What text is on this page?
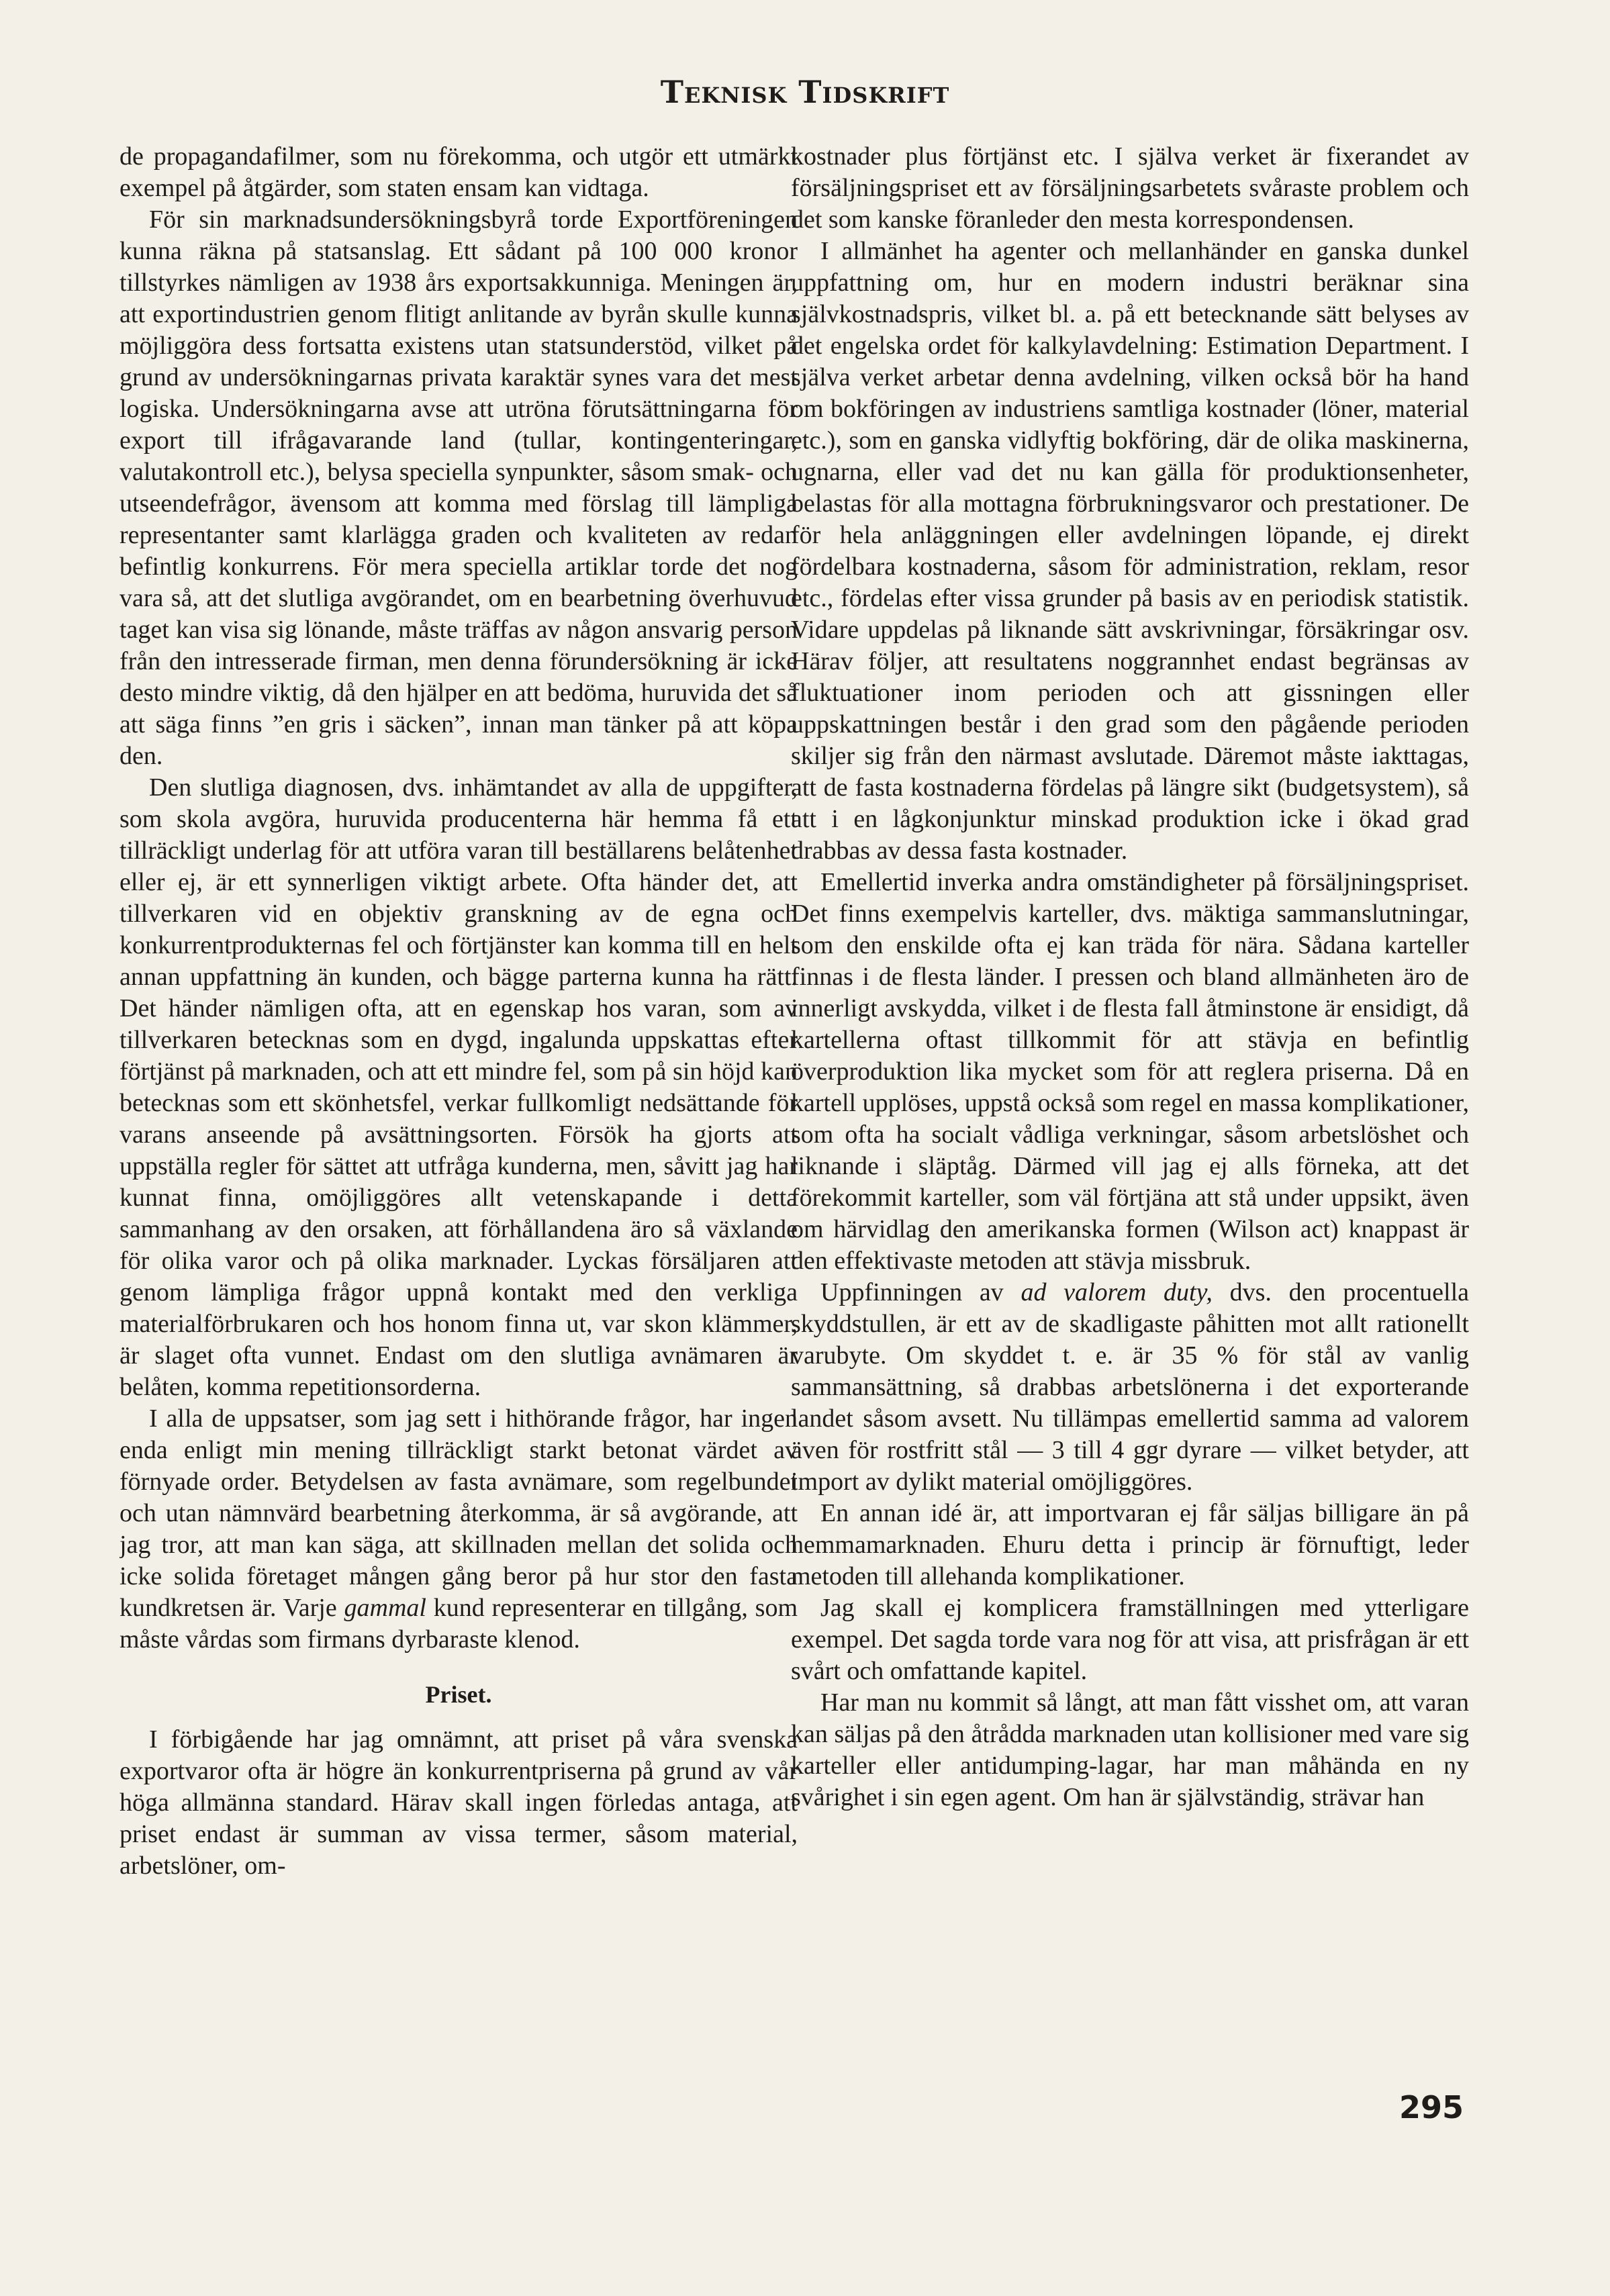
Teknisk Tidskrift

de propagandafilmer, som nu förekomma, och utgör ett utmärkt exempel på åtgärder, som staten ensam kan vidtaga.

För sin marknadsundersökningsbyrå torde Exportföreningen kunna räkna på statsanslag. Ett sådant på 100 000 kronor tillstyrkes nämligen av 1938 års exportsakkunniga. Meningen är, att exportindustrien genom flitigt anlitande av byrån skulle kunna möjliggöra dess fortsatta existens utan statsunderstöd, vilket på grund av undersökningarnas privata karaktär synes vara det mest logiska. Undersökningarna avse att utröna förutsättningarna för export till ifrågavarande land (tullar, kontingenteringar, valutakontroll etc.), belysa speciella synpunkter, såsom smak- och utseendefrågor, ävensom att komma med förslag till lämpliga representanter samt klarlägga graden och kvaliteten av redan befintlig konkurrens. För mera speciella artiklar torde det nog vara så, att det slutliga avgörandet, om en bearbetning överhuvud taget kan visa sig lönande, måste träffas av någon ansvarig person från den intresserade firman, men denna förundersökning är icke desto mindre viktig, då den hjälper en att bedöma, huruvida det så att säga finns ”en gris i säcken”, innan man tänker på att köpa den.

Den slutliga diagnosen, dvs. inhämtandet av alla de uppgifter, som skola avgöra, huruvida producenterna här hemma få ett tillräckligt underlag för att utföra varan till beställarens belåtenhet eller ej, är ett synnerligen viktigt arbete. Ofta händer det, att tillverkaren vid en objektiv granskning av de egna och konkurrentprodukternas fel och förtjänster kan komma till en helt annan uppfattning än kunden, och bägge parterna kunna ha rätt. Det händer nämligen ofta, att en egenskap hos varan, som av tillverkaren betecknas som en dygd, ingalunda uppskattas efter förtjänst på marknaden, och att ett mindre fel, som på sin höjd kan betecknas som ett skönhetsfel, verkar fullkomligt nedsättande för varans anseende på avsättningsorten. Försök ha gjorts att uppställa regler för sättet att utfråga kunderna, men, såvitt jag har kunnat finna, omöjliggöres allt vetenskapande i detta sammanhang av den orsaken, att förhållandena äro så växlande för olika varor och på olika marknader. Lyckas försäljaren att genom lämpliga frågor uppnå kontakt med den verkliga materialförbrukaren och hos honom finna ut, var skon klämmer, är slaget ofta vunnet. Endast om den slutliga avnämaren är belåten, komma repetitionsorderna.

I alla de uppsatser, som jag sett i hithörande frågor, har ingen enda enligt min mening tillräckligt starkt betonat värdet av förnyade order. Betydelsen av fasta avnämare, som regelbundet och utan nämnvärd bearbetning återkomma, är så avgörande, att jag tror, att man kan säga, att skillnaden mellan det solida och icke solida företaget mången gång beror på hur stor den fasta kundkretsen är. Varje gammal kund representerar en tillgång, som måste vårdas som firmans dyrbaraste klenod.

Priset.

I förbigående har jag omnämnt, att priset på våra svenska exportvaror ofta är högre än konkurrentpriserna på grund av vår höga allmänna standard. Härav skall ingen förledas antaga, att priset endast är summan av vissa termer, såsom material, arbetslöner, om-

kostnader plus förtjänst etc. I själva verket är fixerandet av försäljningspriset ett av försäljningsarbetets svåraste problem och det som kanske föranleder den mesta korrespondensen.

I allmänhet ha agenter och mellanhänder en ganska dunkel uppfattning om, hur en modern industri beräknar sina självkostnadspris, vilket bl. a. på ett betecknande sätt belyses av det engelska ordet för kalkylavdelning: Estimation Department. I själva verket arbetar denna avdelning, vilken också bör ha hand om bokföringen av industriens samtliga kostnader (löner, material etc.), som en ganska vidlyftig bokföring, där de olika maskinerna, ugnarna, eller vad det nu kan gälla för produktionsenheter, belastas för alla mottagna förbrukningsvaror och prestationer. De för hela anläggningen eller avdelningen löpande, ej direkt fördelbara kostnaderna, såsom för administration, reklam, resor etc., fördelas efter vissa grunder på basis av en periodisk statistik. Vidare uppdelas på liknande sätt avskrivningar, försäkringar osv. Härav följer, att resultatens noggrannhet endast begränsas av fluktuationer inom perioden och att gissningen eller uppskattningen består i den grad som den pågående perioden skiljer sig från den närmast avslutade. Däremot måste iakttagas, att de fasta kostnaderna fördelas på längre sikt (budgetsystem), så att i en lågkonjunktur minskad produktion icke i ökad grad drabbas av dessa fasta kostnader.

Emellertid inverka andra omständigheter på försäljningspriset. Det finns exempelvis karteller, dvs. mäktiga sammanslutningar, som den enskilde ofta ej kan träda för nära. Sådana karteller finnas i de flesta länder. I pressen och bland allmänheten äro de innerligt avskydda, vilket i de flesta fall åtminstone är ensidigt, då kartellerna oftast tillkommit för att stävja en befintlig överproduktion lika mycket som för att reglera priserna. Då en kartell upplöses, uppstå också som regel en massa komplikationer, som ofta ha socialt vådliga verkningar, såsom arbetslöshet och liknande i släptåg. Därmed vill jag ej alls förneka, att det förekommit karteller, som väl förtjäna att stå under uppsikt, även om härvidlag den amerikanska formen (Wilson act) knappast är den effektivaste metoden att stävja missbruk.

Uppfinningen av ad valorem duty, dvs. den procentuella skyddstullen, är ett av de skadligaste påhitten mot allt rationellt varubyte. Om skyddet t. e. är 35 % för stål av vanlig sammansättning, så drabbas arbetslönerna i det exporterande landet såsom avsett. Nu tillämpas emellertid samma ad valorem även för rostfritt stål — 3 till 4 ggr dyrare — vilket betyder, att import av dylikt material omöjliggöres.

En annan idé är, att importvaran ej får säljas billigare än på hemmamarknaden. Ehuru detta i princip är förnuftigt, leder metoden till allehanda komplikationer.

Jag skall ej komplicera framställningen med ytterligare exempel. Det sagda torde vara nog för att visa, att prisfrågan är ett svårt och omfattande kapitel.

Har man nu kommit så långt, att man fått visshet om, att varan kan säljas på den åtrådda marknaden utan kollisioner med vare sig karteller eller antidumping-lagar, har man måhända en ny svårighet i sin egen agent. Om han är självständig, strävar han

295
